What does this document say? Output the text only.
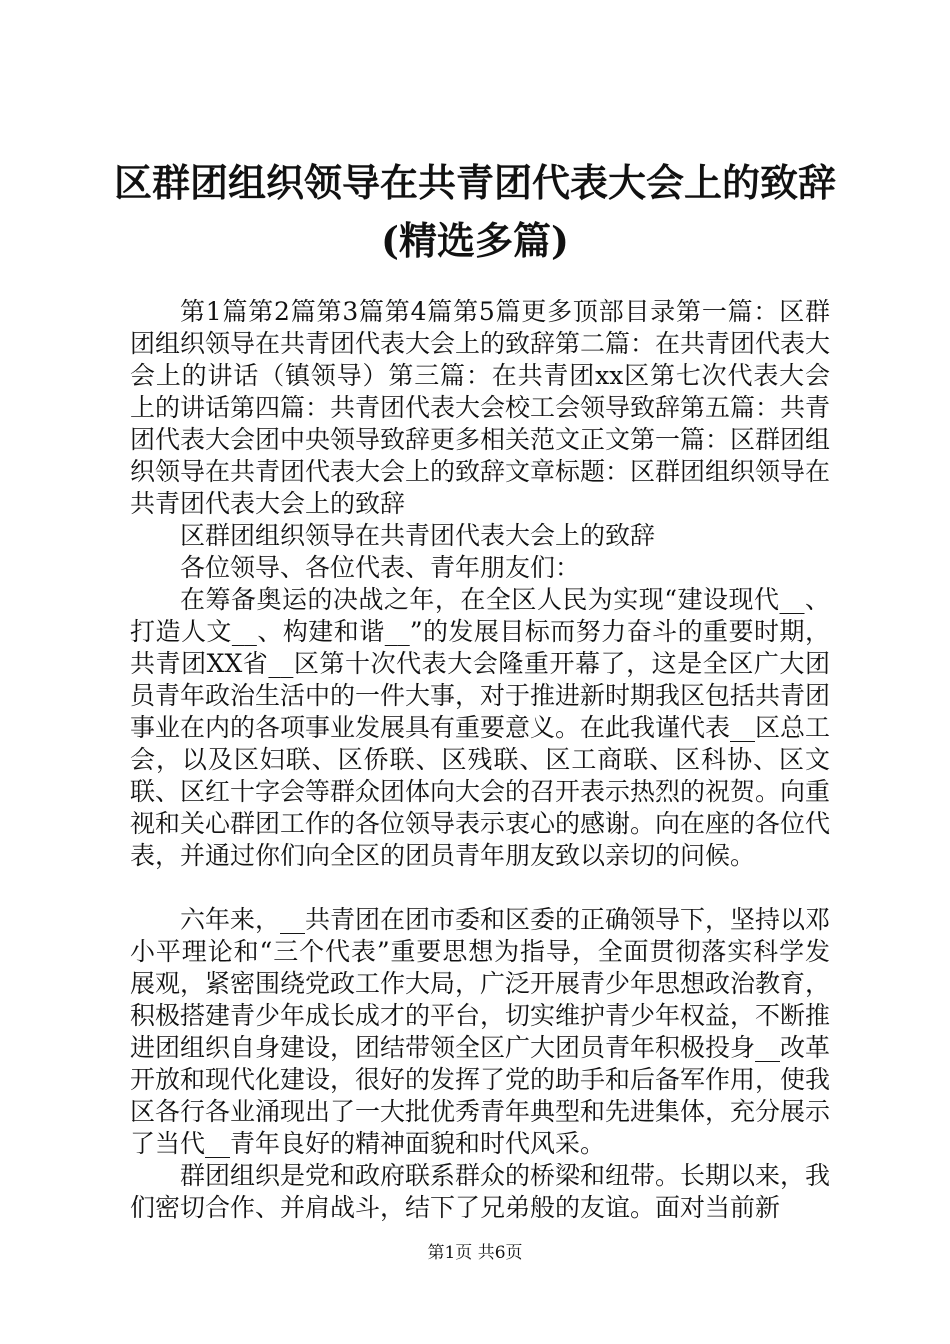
区群团组织领导在共青团代表大会上的致辞
(精选多篇)

第1篇第2篇第3篇第4篇第5篇更多顶部目录第一篇：区群团组织领导在共青团代表大会上的致辞第二篇：在共青团代表大会上的讲话（镇领导）第三篇：在共青团xx区第七次代表大会上的讲话第四篇：共青团代表大会校工会领导致辞第五篇：共青团代表大会团中央领导致辞更多相关范文正文第一篇：区群团组织领导在共青团代表大会上的致辞文章标题：区群团组织领导在共青团代表大会上的致辞

区群团组织领导在共青团代表大会上的致辞

各位领导、各位代表、青年朋友们：

在筹备奥运的决战之年，在全区人民为实现“建设现代__、打造人文__、构建和谐__”的发展目标而努力奋斗的重要时期，共青团XX省__区第十次代表大会隆重开幕了，这是全区广大团员青年政治生活中的一件大事，对于推进新时期我区包括共青团事业在内的各项事业发展具有重要意义。在此我谨代表__区总工会，以及区妇联、区侨联、区残联、区工商联、区科协、区文联、区红十字会等群众团体向大会的召开表示热烈的祝贺。向重视和关心群团工作的各位领导表示衷心的感谢。向在座的各位代表，并通过你们向全区的团员青年朋友致以亲切的问候。

六年来，__共青团在团市委和区委的正确领导下，坚持以邓小平理论和“三个代表”重要思想为指导，全面贯彻落实科学发展观，紧密围绕党政工作大局，广泛开展青少年思想政治教育，积极搭建青少年成长成才的平台，切实维护青少年权益，不断推进团组织自身建设，团结带领全区广大团员青年积极投身__改革开放和现代化建设，很好的发挥了党的助手和后备军作用，使我区各行各业涌现出了一大批优秀青年典型和先进集体，充分展示了当代__青年良好的精神面貌和时代风采。

群团组织是党和政府联系群众的桥梁和纽带。长期以来，我们密切合作、并肩战斗，结下了兄弟般的友谊。面对当前新

第1页 共6页
